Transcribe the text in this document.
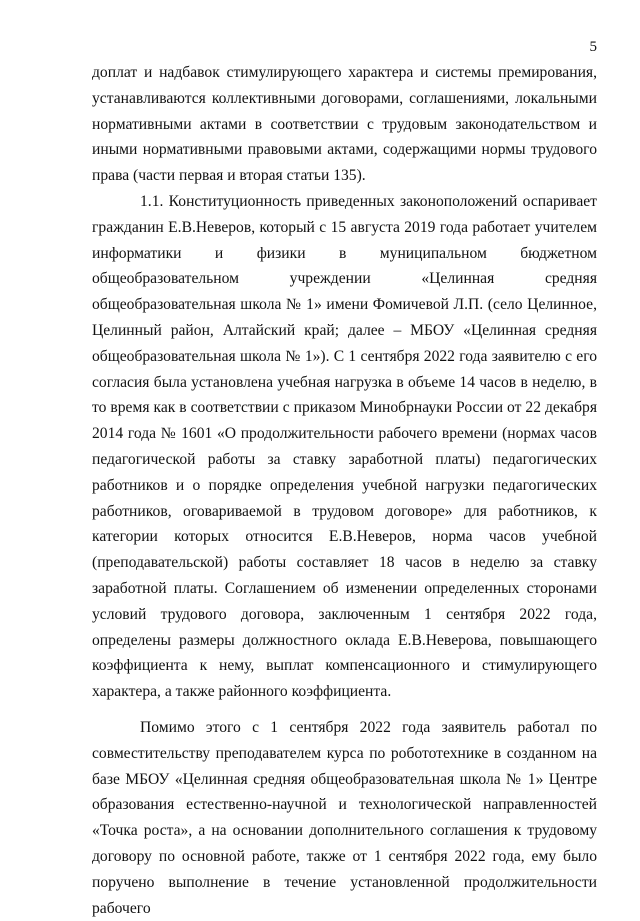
5

доплат и надбавок стимулирующего характера и системы премирования, устанавливаются коллективными договорами, соглашениями, локальными нормативными актами в соответствии с трудовым законодательством и иными нормативными правовыми актами, содержащими нормы трудового права (части первая и вторая статьи 135).

1.1. Конституционность приведенных законоположений оспаривает гражданин Е.В.Неверов, который с 15 августа 2019 года работает учителем информатики и физики в муниципальном бюджетном общеобразовательном учреждении «Целинная средняя общеобразовательная школа № 1» имени Фомичевой Л.П. (село Целинное, Целинный район, Алтайский край; далее – МБОУ «Целинная средняя общеобразовательная школа № 1»). С 1 сентября 2022 года заявителю с его согласия была установлена учебная нагрузка в объеме 14 часов в неделю, в то время как в соответствии с приказом Минобрнауки России от 22 декабря 2014 года № 1601 «О продолжительности рабочего времени (нормах часов педагогической работы за ставку заработной платы) педагогических работников и о порядке определения учебной нагрузки педагогических работников, оговариваемой в трудовом договоре» для работников, к категории которых относится Е.В.Неверов, норма часов учебной (преподавательской) работы составляет 18 часов в неделю за ставку заработной платы. Соглашением об изменении определенных сторонами условий трудового договора, заключенным 1 сентября 2022 года, определены размеры должностного оклада Е.В.Неверова, повышающего коэффициента к нему, выплат компенсационного и стимулирующего характера, а также районного коэффициента.

Помимо этого с 1 сентября 2022 года заявитель работал по совместительству преподавателем курса по робототехнике в созданном на базе МБОУ «Целинная средняя общеобразовательная школа № 1» Центре образования естественно-научной и технологической направленностей «Точка роста», а на основании дополнительного соглашения к трудовому договору по основной работе, также от 1 сентября 2022 года, ему было поручено выполнение в течение установленной продолжительности рабочего
